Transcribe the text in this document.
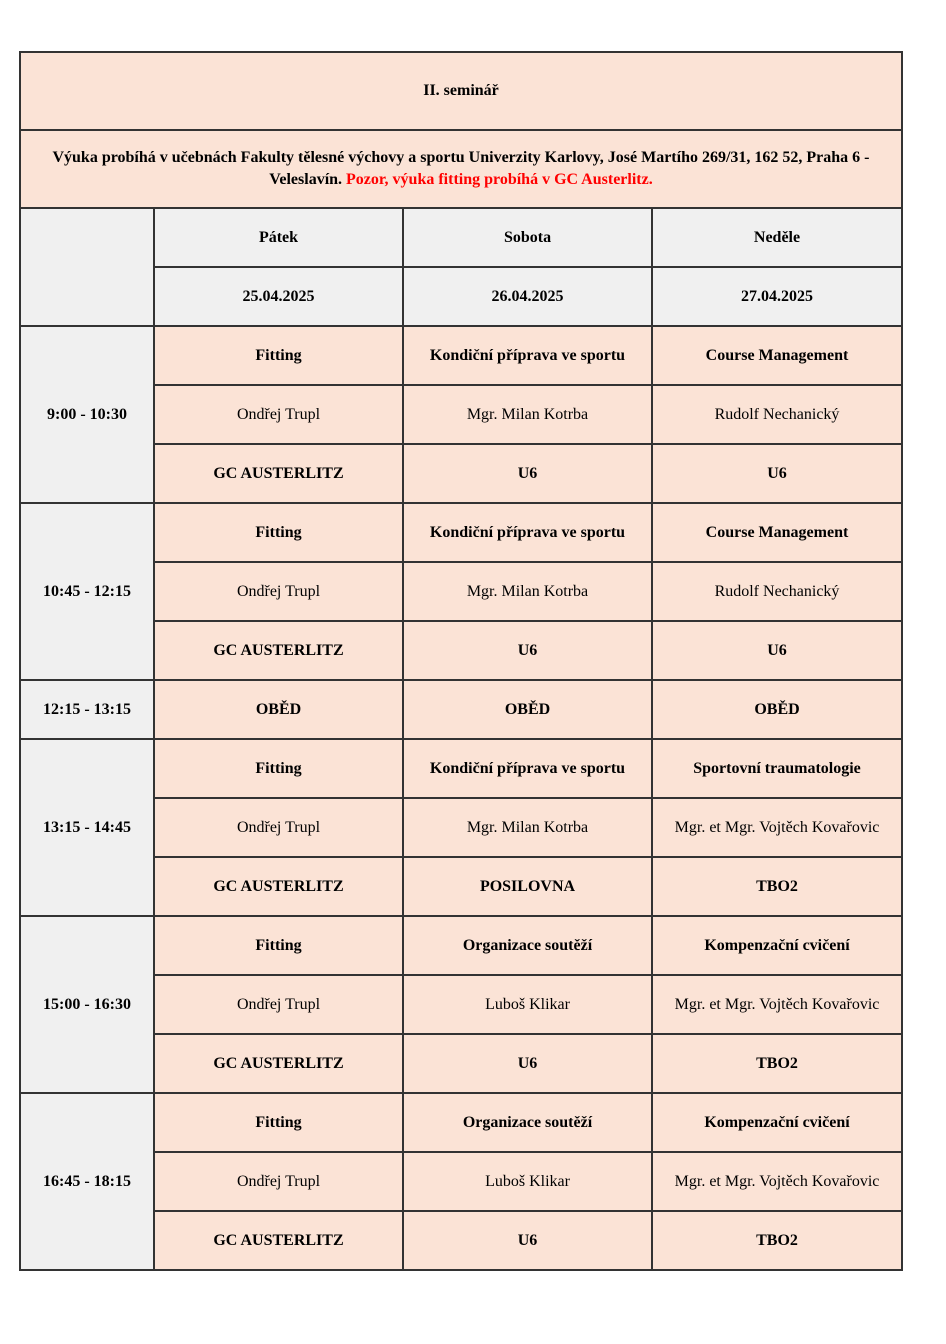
II. seminář			
Výuka probíhá v učebnách Fakulty tělesné výchovy a sportu Univerzity Karlovy, José Martího 269/31, 162 52, Praha 6 - Veleslavín. Pozor, výuka fitting probíhá v GC Austerlitz.			
	Pátek	Sobota	Neděle
	25.04.2025	26.04.2025	27.04.2025
9:00 - 10:30	Fitting	Kondiční příprava ve sportu	Course Management
	Ondřej Trupl	Mgr. Milan Kotrba	Rudolf Nechanický
	GC AUSTERLITZ	U6	U6
10:45 - 12:15	Fitting	Kondiční příprava ve sportu	Course Management
	Ondřej Trupl	Mgr. Milan Kotrba	Rudolf Nechanický
	GC AUSTERLITZ	U6	U6
12:15 - 13:15	OBĚD	OBĚD	OBĚD
13:15 - 14:45	Fitting	Kondiční příprava ve sportu	Sportovní traumatologie
	Ondřej Trupl	Mgr. Milan Kotrba	Mgr. et Mgr. Vojtěch Kovařovic
	GC AUSTERLITZ	POSILOVNA	TBO2
15:00 - 16:30	Fitting	Organizace soutěží	Kompenzační cvičení
	Ondřej Trupl	Luboš Klikar	Mgr. et Mgr. Vojtěch Kovařovic
	GC AUSTERLITZ	U6	TBO2
16:45 - 18:15	Fitting	Organizace soutěží	Kompenzační cvičení
	Ondřej Trupl	Luboš Klikar	Mgr. et Mgr. Vojtěch Kovařovic
	GC AUSTERLITZ	U6	TBO2
